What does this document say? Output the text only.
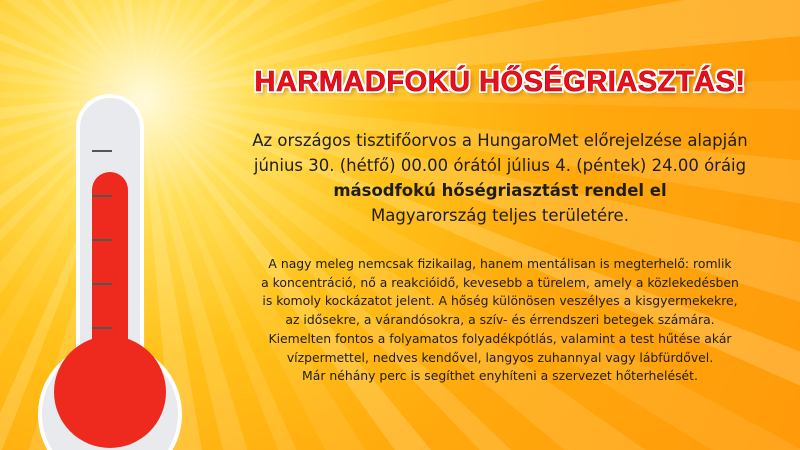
HARMADFOKÚ HŐSÉGRIASZTÁS!
Az országos tisztifőorvos a HungaroMet előrejelzése alapján
június 30. (hétfő) 00.00 órától július 4. (péntek) 24.00 óráig
másodfokú hőségriasztást rendel el
Magyarország teljes területére.
A nagy meleg nemcsak fizikailag, hanem mentálisan is megterhelő: romlik
a koncentráció, nő a reakcióidő, kevesebb a türelem, amely a közlekedésben
is komoly kockázatot jelent. A hőség különösen veszélyes a kisgyermekekre,
az idősekre, a várandósokra, a szív- és érrendszeri betegek számára.
Kiemelten fontos a folyamatos folyadékpótlás, valamint a test hűtése akár
vízpermettel, nedves kendővel, langyos zuhannyal vagy lábfürdővel.
Már néhány perc is segíthet enyhíteni a szervezet hőterhelését.
